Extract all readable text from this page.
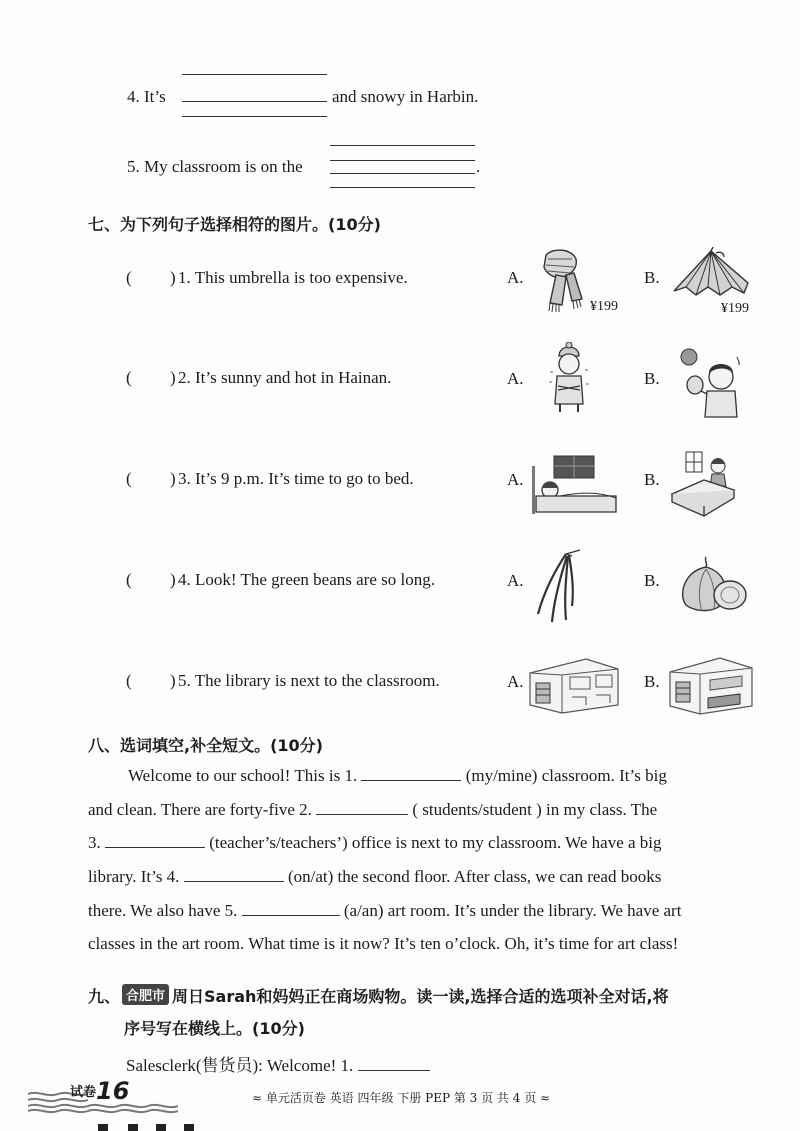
4. It’s	and snowy in Harbin.
5. My classroom is on the	.
七、为下列句子选择相符的图片。(10分)
( ) 1. This umbrella is too expensive.	A.
¥199
B.
¥199
( ) 2. It’s sunny and hot in Hainan.	A.	B.
( ) 3. It’s 9 p.m. It’s time to go to bed.	A.	B.
( ) 4. Look! The green beans are so long.	A.	B.
( ) 5. The library is next to the classroom.	A.	B.
八、选词填空,补全短文。(10分)
Welcome to our school! This is 1.	(my/mine) classroom. It’s big
and clean. There are forty-five 2.	( students/student ) in my class. The
3.	(teacher’s/teachers’) office is next to my classroom. We have a big
library. It’s 4.	(on/at) the second floor. After class, we can read books
there. We also have 5.	(a/an) art room. It’s under the library. We have art
classes in the art room. What time is it now? It’s ten o’clock. Oh, it’s time for art class!
九、 合肥市 周日Sarah和妈妈正在商场购物。读一读,选择合适的选项补全对话,将
序号写在横线上。(10分)
Salesclerk(售货员): Welcome! 1.
试卷16	≈ 单元活页卷 英语 四年级 下册 PEP 第 3 页 共 4 页 ≈
